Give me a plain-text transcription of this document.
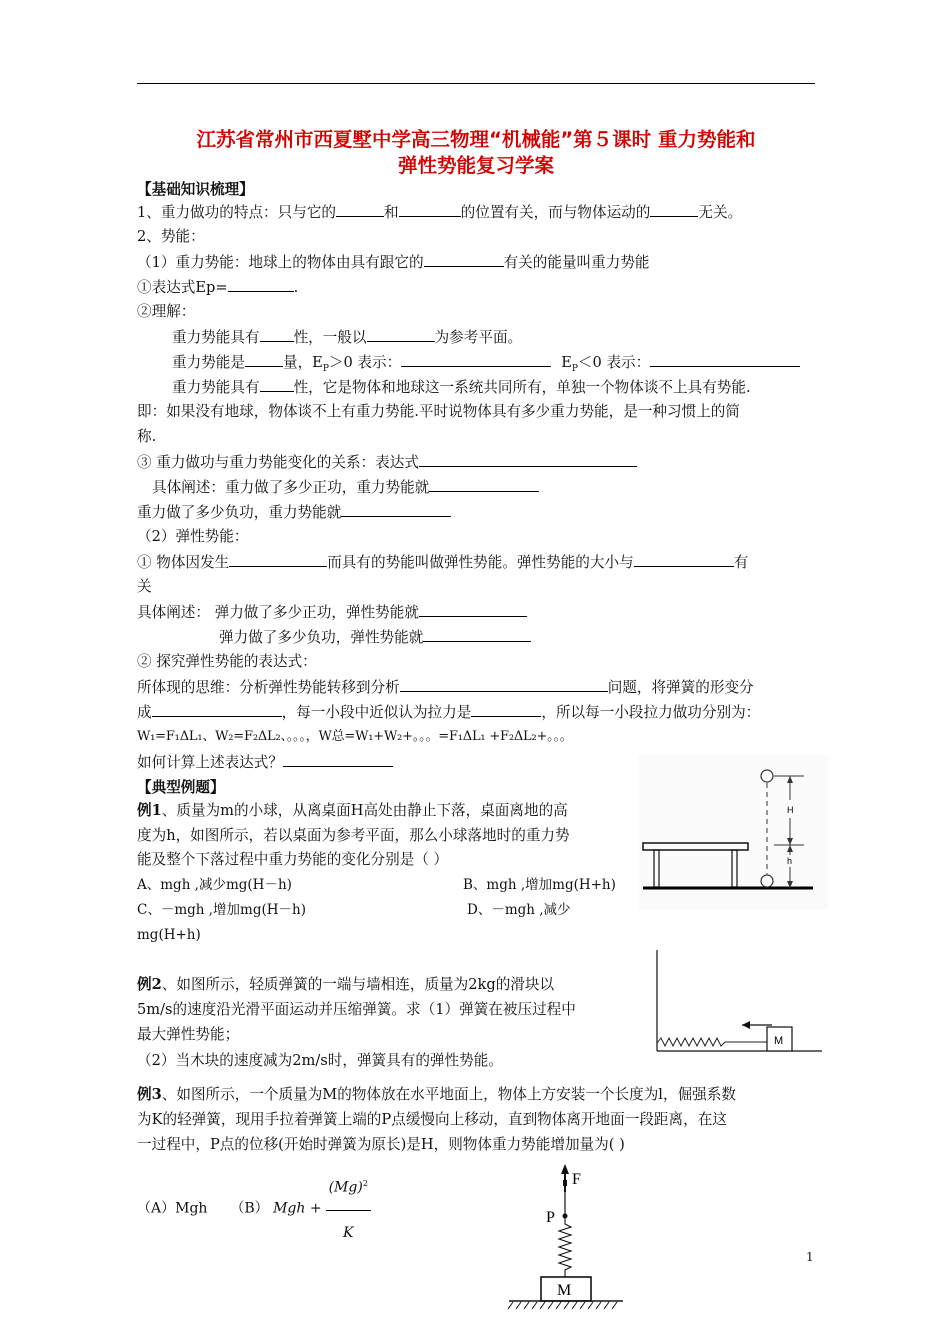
江苏省常州市西夏墅中学高三物理“机械能”第５课时 重力势能和
弹性势能复习学案
【基础知识梳理】
1、重力做功的特点：只与它的	和	的位置有关，而与物体运动的	无关。
2、势能：
（1）重力势能：地球上的物体由具有跟它的	有关的能量叫重力势能
①表达式Ep=	.
②理解：
重力势能具有 性，一般以	为参考平面。
重力势能是	量，$E_P>0$ 表示：	$E_P<0$ 表示：
重力势能具有 性，它是物体和地球这一系统共同所有，单独一个物体谈不上具有势能.
即：如果没有地球，物体谈不上有重力势能.平时说物体具有多少重力势能，是一种习惯上的简
称.
③ 重力做功与重力势能变化的关系：表达式
具体阐述：重力做了多少正功，重力势能就
重力做了多少负功，重力势能就
（2）弹性势能：
① 物体因发生	而具有的势能叫做弹性势能。弹性势能的大小与	有
关
具体阐述： 弹力做了多少正功，弹性势能就
弹力做了多少负功，弹性势能就
② 探究弹性势能的表达式：
所体现的思维：分析弹性势能转移到分析	问题，将弹簧的形变分
成	，每一小段中近似认为拉力是	，所以每一小段拉力做功分别为：
W₁=F₁ΔL₁、W₂=F₂ΔL₂、。。。，W总=W₁+W₂+。。。=F₁ΔL₁ +F₂ΔL₂+。。。
如何计算上述表达式？
【典型例题】
例1、质量为m的小球，从离桌面H高处由静止下落，桌面离地的高
度为h，如图所示，若以桌面为参考平面，那么小球落地时的重力势
能及整个下落过程中重力势能的变化分别是（ ）
A、mgh ,减少mg(H－h)	B、mgh ,增加mg(H+h)
C、－mgh ,增加mg(H－h)	D、－mgh ,减少
mg(H+h)
H
h
例2、如图所示，轻质弹簧的一端与墙相连，质量为2kg的滑块以
5m/s的速度沿光滑平面运动并压缩弹簧。求（1）弹簧在被压过程中
最大弹性势能；
（2）当木块的速度减为2m/s时，弹簧具有的弹性势能。
M
例3、如图所示，一个质量为M的物体放在水平地面上，物体上方安装一个长度为l，倔强系数
为K的轻弹簧，现用手拉着弹簧上端的P点缓慢向上移动，直到物体离开地面一段距离，在这
一过程中，P点的位移(开始时弹簧为原长)是H，则物体重力势能增加量为( )
（A）Mgh （B） Mgh + $\frac{(Mg)^2}{K}$	F
P
M
1
